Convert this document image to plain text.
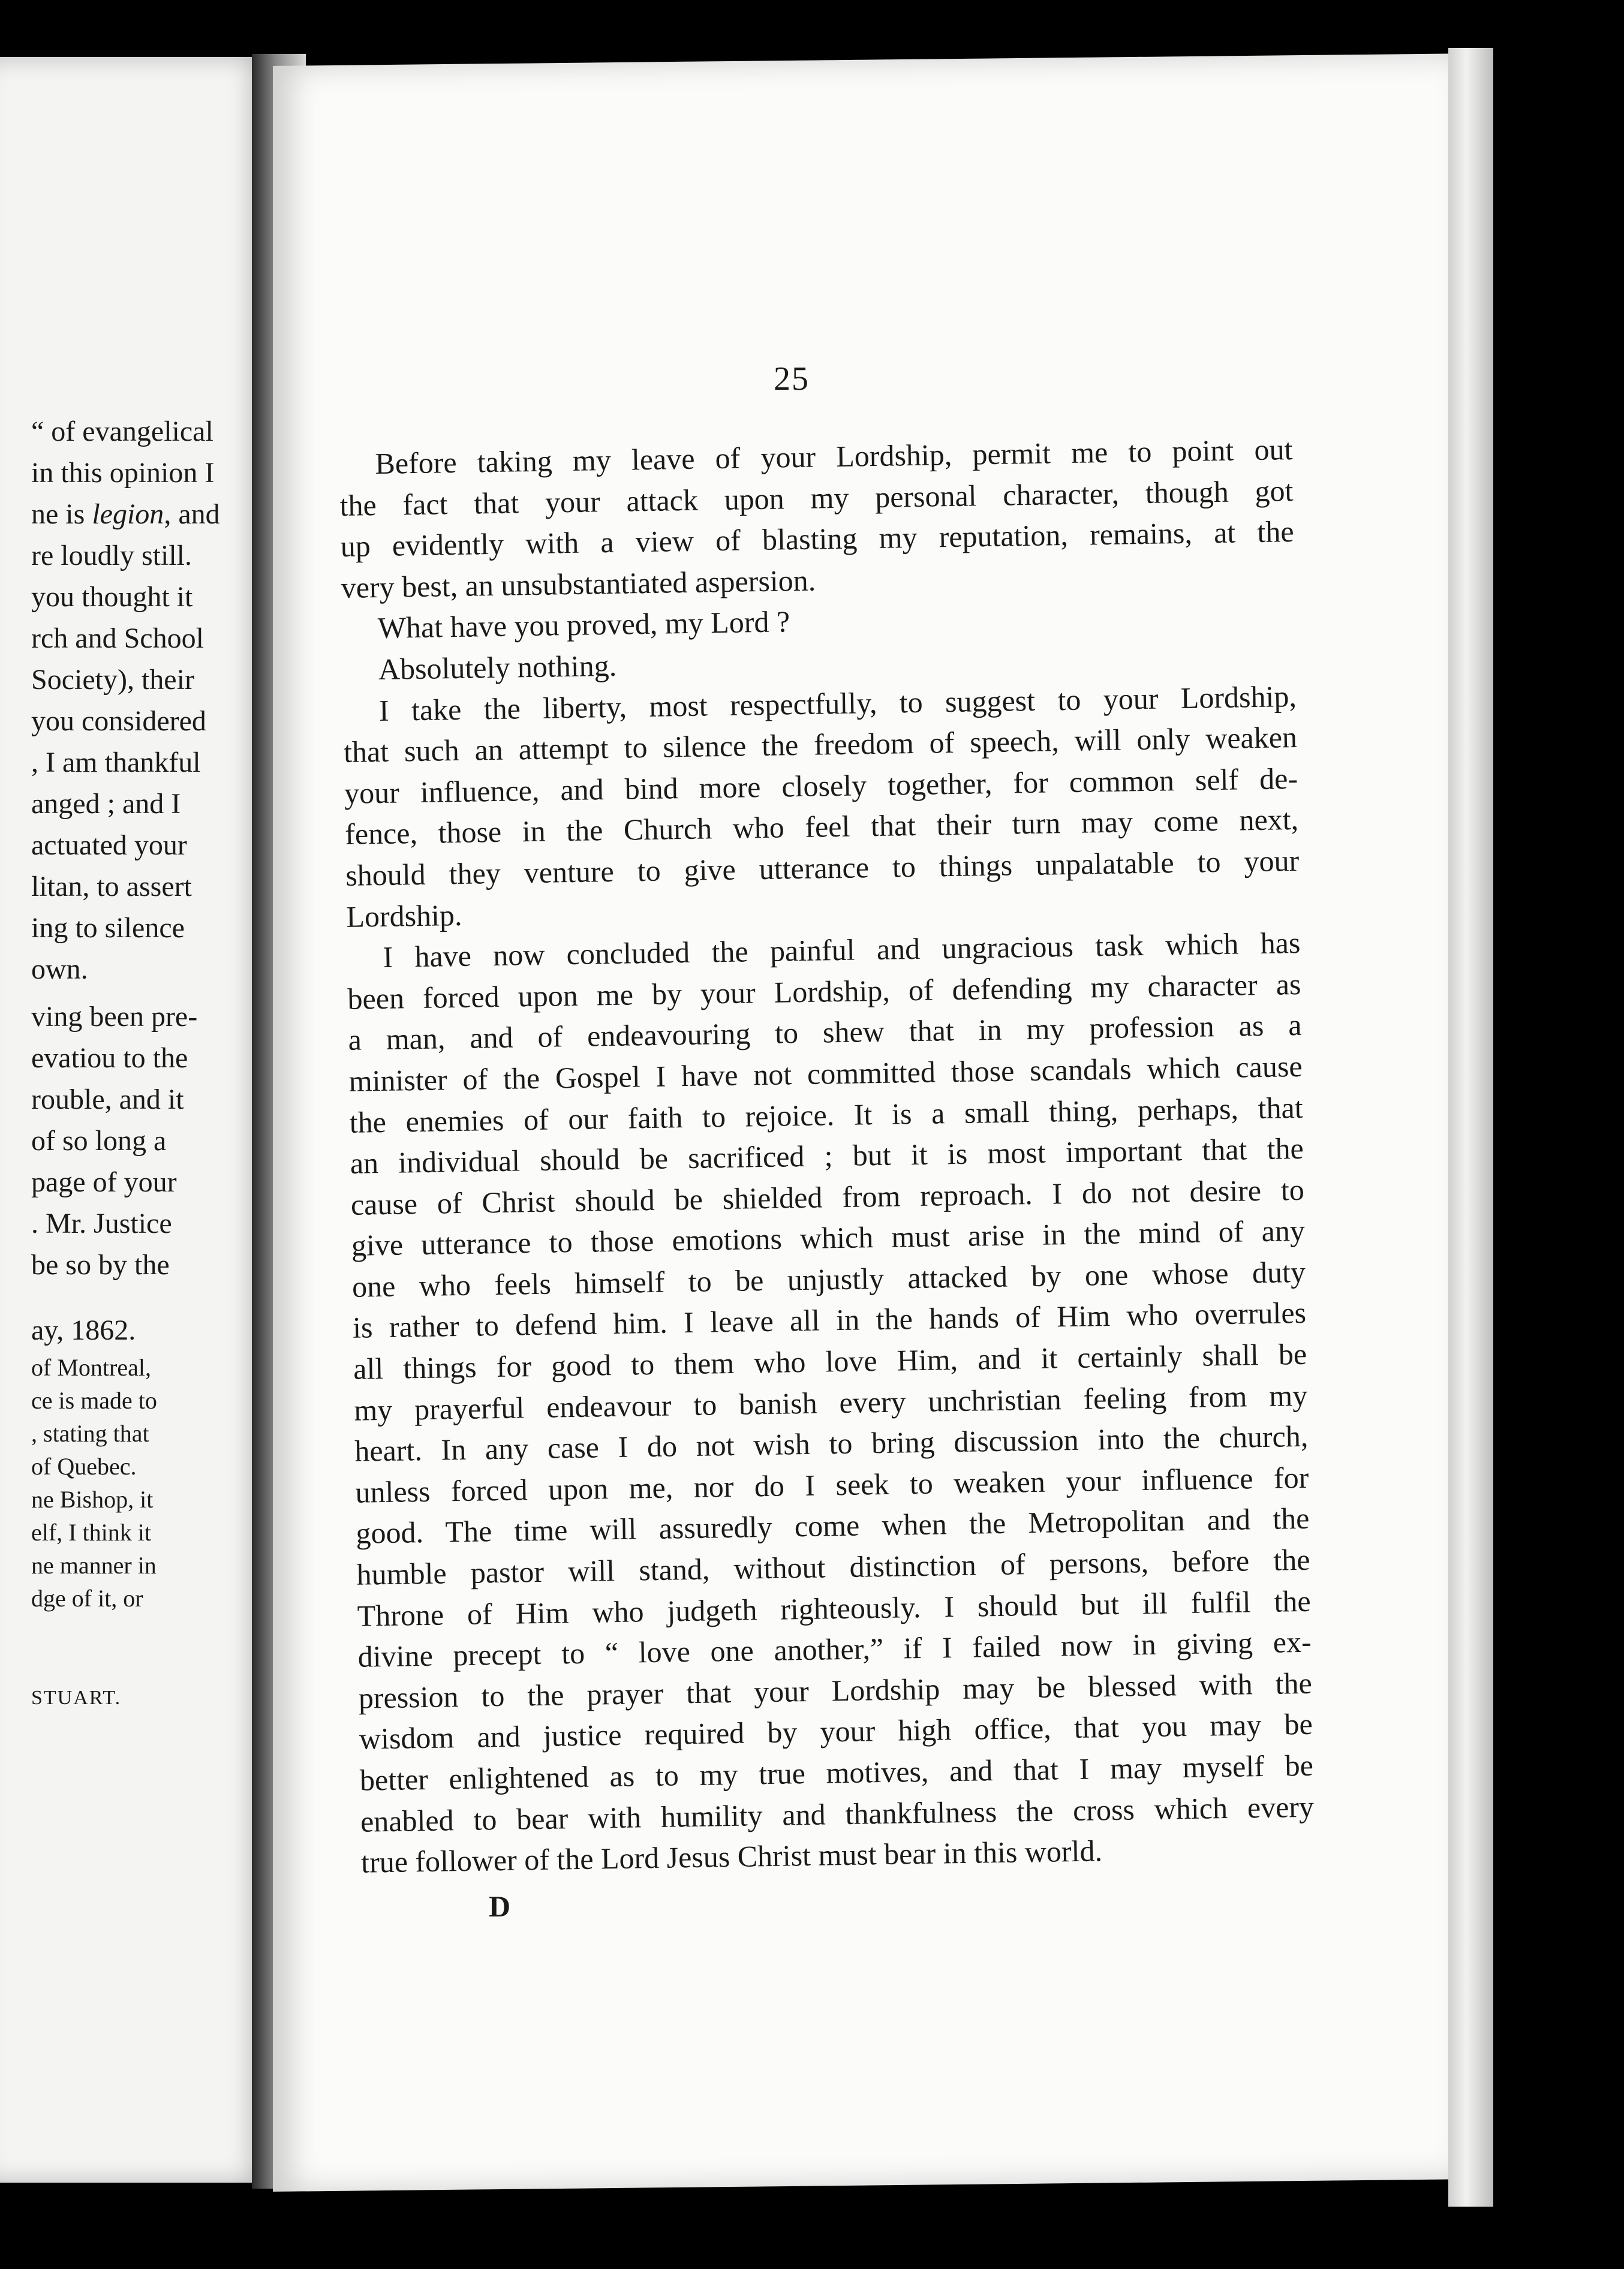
“ of evangelical
in this opinion I
ne is legion, and
re loudly still.
you thought it
rch and School
Society), their
you considered
, I am thankful
anged ; and I
actuated your
litan, to assert
ing to silence
own.
ving been pre-
evatiou to the
rouble, and it
of so long a
page of your
. Mr. Justice
be so by the
ay, 1862.
of Montreal,
ce is made to
, stating that
of Quebec.
ne Bishop, it
elf, I think it
ne manner in
dge of it, or
STUART.
25
Before taking my leave of your Lordship, permit me to point out
the fact that your attack upon my personal character, though got
up evidently with a view of blasting my reputation, remains, at the
very best, an unsubstantiated aspersion.
What have you proved, my Lord ?
Absolutely nothing.
I take the liberty, most respectfully, to suggest to your Lordship,
that such an attempt to silence the freedom of speech, will only weaken
your influence, and bind more closely together, for common self de-
fence, those in the Church who feel that their turn may come next,
should they venture to give utterance to things unpalatable to your
Lordship.
I have now concluded the painful and ungracious task which has
been forced upon me by your Lordship, of defending my character as
a man, and of endeavouring to shew that in my profession as a
minister of the Gospel I have not committed those scandals which cause
the enemies of our faith to rejoice. It is a small thing, perhaps, that
an individual should be sacrificed ; but it is most important that the
cause of Christ should be shielded from reproach. I do not desire to
give utterance to those emotions which must arise in the mind of any
one who feels himself to be unjustly attacked by one whose duty
is rather to defend him. I leave all in the hands of Him who overrules
all things for good to them who love Him, and it certainly shall be
my prayerful endeavour to banish every unchristian feeling from my
heart. In any case I do not wish to bring discussion into the church,
unless forced upon me, nor do I seek to weaken your influence for
good. The time will assuredly come when the Metropolitan and the
humble pastor will stand, without distinction of persons, before the
Throne of Him who judgeth righteously. I should but ill fulfil the
divine precept to “ love one another,” if I failed now in giving ex-
pression to the prayer that your Lordship may be blessed with the
wisdom and justice required by your high office, that you may be
better enlightened as to my true motives, and that I may myself be
enabled to bear with humility and thankfulness the cross which every
true follower of the Lord Jesus Christ must bear in this world.
D
